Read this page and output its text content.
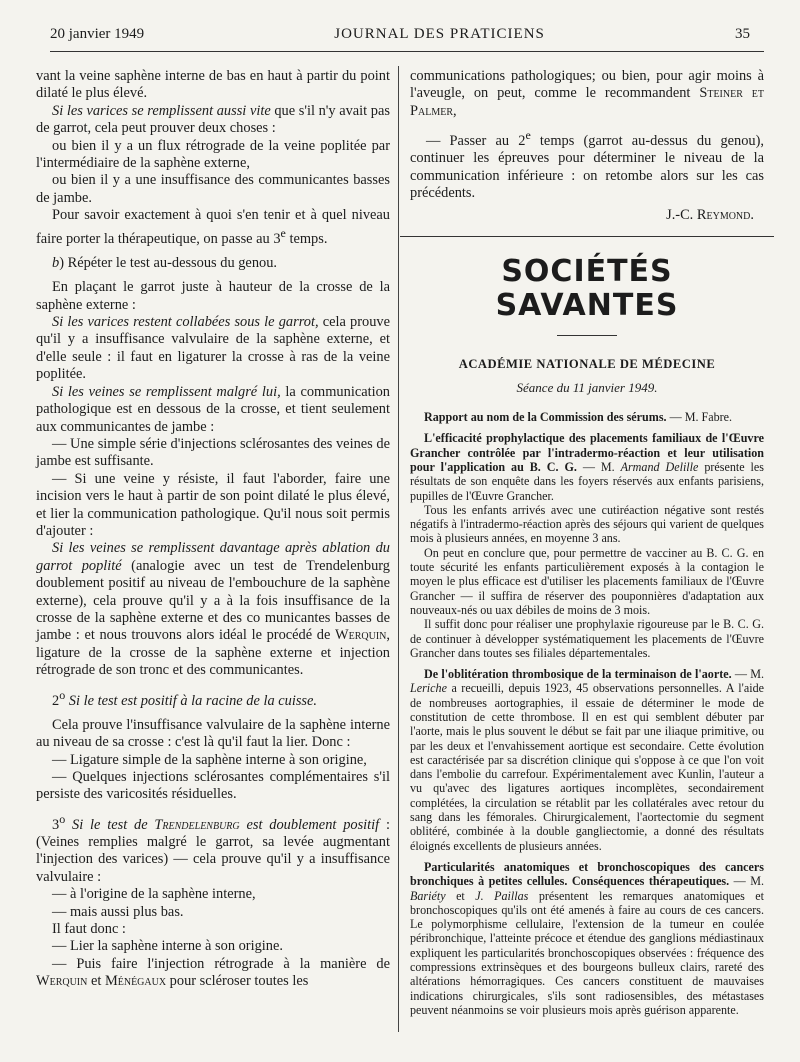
20 janvier 1949	JOURNAL DES PRATICIENS	35

vant la veine saphène interne de bas en haut à partir du point dilaté le plus élevé.

Si les varices se remplissent aussi vite que s'il n'y avait pas de garrot, cela peut prouver deux choses :

ou bien il y a un flux rétrograde de la veine poplitée par l'intermédiaire de la saphène externe,

ou bien il y a une insuffisance des communicantes basses de jambe.

Pour savoir exactement à quoi s'en tenir et à quel niveau faire porter la thérapeutique, on passe au 3e temps.

b) Répéter le test au-dessous du genou.

En plaçant le garrot juste à hauteur de la crosse de la saphène externe :

Si les varices restent collabées sous le garrot, cela prouve qu'il y a insuffisance valvulaire de la saphène externe, et d'elle seule : il faut en ligaturer la crosse à ras de la veine poplitée.

Si les veines se remplissent malgré lui, la communication pathologique est en dessous de la crosse, et tient seulement aux communicantes de jambe :

— Une simple série d'injections sclérosantes des veines de jambe est suffisante.

— Si une veine y résiste, il faut l'aborder, faire une incision vers le haut à partir de son point dilaté le plus élevé, et lier la communication pathologique. Qu'il nous soit permis d'ajouter :

Si les veines se remplissent davantage après ablation du garrot poplité (analogie avec un test de Trendelenburg doublement positif au niveau de l'embouchure de la saphène externe), cela prouve qu'il y a à la fois insuffisance de la crosse de la saphène externe et des co municantes basses de jambe : et nous trouvons alors idéal le procédé de Werquin, ligature de la crosse de la saphène externe et injection rétrograde de son tronc et des communicantes.

2$^o$ Si le test est positif à la racine de la cuisse.

Cela prouve l'insuffisance valvulaire de la saphène interne au niveau de sa crosse : c'est là qu'il faut la lier. Donc :

— Ligature simple de la saphène interne à son origine,

— Quelques injections sclérosantes complémentaires s'il persiste des varicosités résiduelles.

3$^o$ Si le test de Trendelenburg est doublement positif : (Veines remplies malgré le garrot, sa levée augmentant l'injection des varices) — cela prouve qu'il y a insuffisance valvulaire :

— à l'origine de la saphène interne,

— mais aussi plus bas.

Il faut donc :

— Lier la saphène interne à son origine.

— Puis faire l'injection rétrograde à la manière de Werquin et Ménégaux pour scléroser toutes les

communications pathologiques; ou bien, pour agir moins à l'aveugle, on peut, comme le recommandent Steiner et Palmer,

— Passer au 2e temps (garrot au-dessus du genou), continuer les épreuves pour déterminer le niveau de la communication inférieure : on retombe alors sur les cas précédents.

J.-C. Reymond.
SOCIÉTÉS SAVANTES
ACADÉMIE NATIONALE DE MÉDECINE
Séance du 11 janvier 1949.

Rapport au nom de la Commission des sérums. — M. Fabre.

L'efficacité prophylactique des placements familiaux de l'Œuvre Grancher contrôlée par l'intradermo-réaction et leur utilisation pour l'application au B. C. G. — M. Armand Delille présente les résultats de son enquête dans les foyers réservés aux enfants parisiens, pupilles de l'Œuvre Grancher.

Tous les enfants arrivés avec une cutiréaction négative sont restés négatifs à l'intradermo-réaction après des séjours qui varient de quelques mois à plusieurs années, en moyenne 3 ans.

On peut en conclure que, pour permettre de vacciner au B. C. G. en toute sécurité les enfants particulièrement exposés à la contagion le moyen le plus efficace est d'utiliser les placements familiaux de l'Œuvre Grancher — il suffira de réserver des pouponnières d'adaptation aux nouveaux-nés ou uax débiles de moins de 3 mois.

Il suffit donc pour réaliser une prophylaxie rigoureuse par le B. C. G. de continuer à développer systématiquement les placements de l'Œuvre Grancher dans toutes ses filiales départementales.

De l'oblitération thrombosique de la terminaison de l'aorte. — M. Leriche a recueilli, depuis 1923, 45 observations personnelles. A l'aide de nombreuses aortographies, il essaie de déterminer le mode de constitution de cette thrombose. Il en est qui semblent débuter par l'aorte, mais le plus souvent le début se fait par une iliaque primitive, ou par les deux et l'envahissement aortique est secondaire. Cette évolution est caractérisée par sa discrétion clinique qui s'oppose à ce que l'on voit dans l'embolie du carrefour. Expérimentalement avec Kunlin, l'auteur a vu qu'avec des ligatures aortiques incomplètes, secondairement complétées, la circulation se rétablit par les collatérales avec retour du sang dans les fémorales. Chirurgicalement, l'aortectomie du segment oblitéré, combinée à la double gangliectomie, a donné des résultats éloignés excellents de plusieurs années.

Particularités anatomiques et bronchoscopiques des cancers bronchiques à petites cellules. Conséquences thérapeutiques. — M. Bariéty et J. Paillas présentent les remarques anatomiques et bronchoscopiques qu'ils ont été amenés à faire au cours de ces cancers. Le polymorphisme cellulaire, l'extension de la tumeur en coulée péribronchique, l'atteinte précoce et étendue des ganglions médiastinaux expliquent les particularités bronchoscopiques observées : fréquence des compressions extrinsèques et des bourgeons bulleux clairs, rareté des altérations hémorragiques. Ces cancers constituent de mauvaises indications chirurgicales, s'ils sont radiosensibles, des métastases peuvent néanmoins se voir plusieurs mois après guérison apparente.
